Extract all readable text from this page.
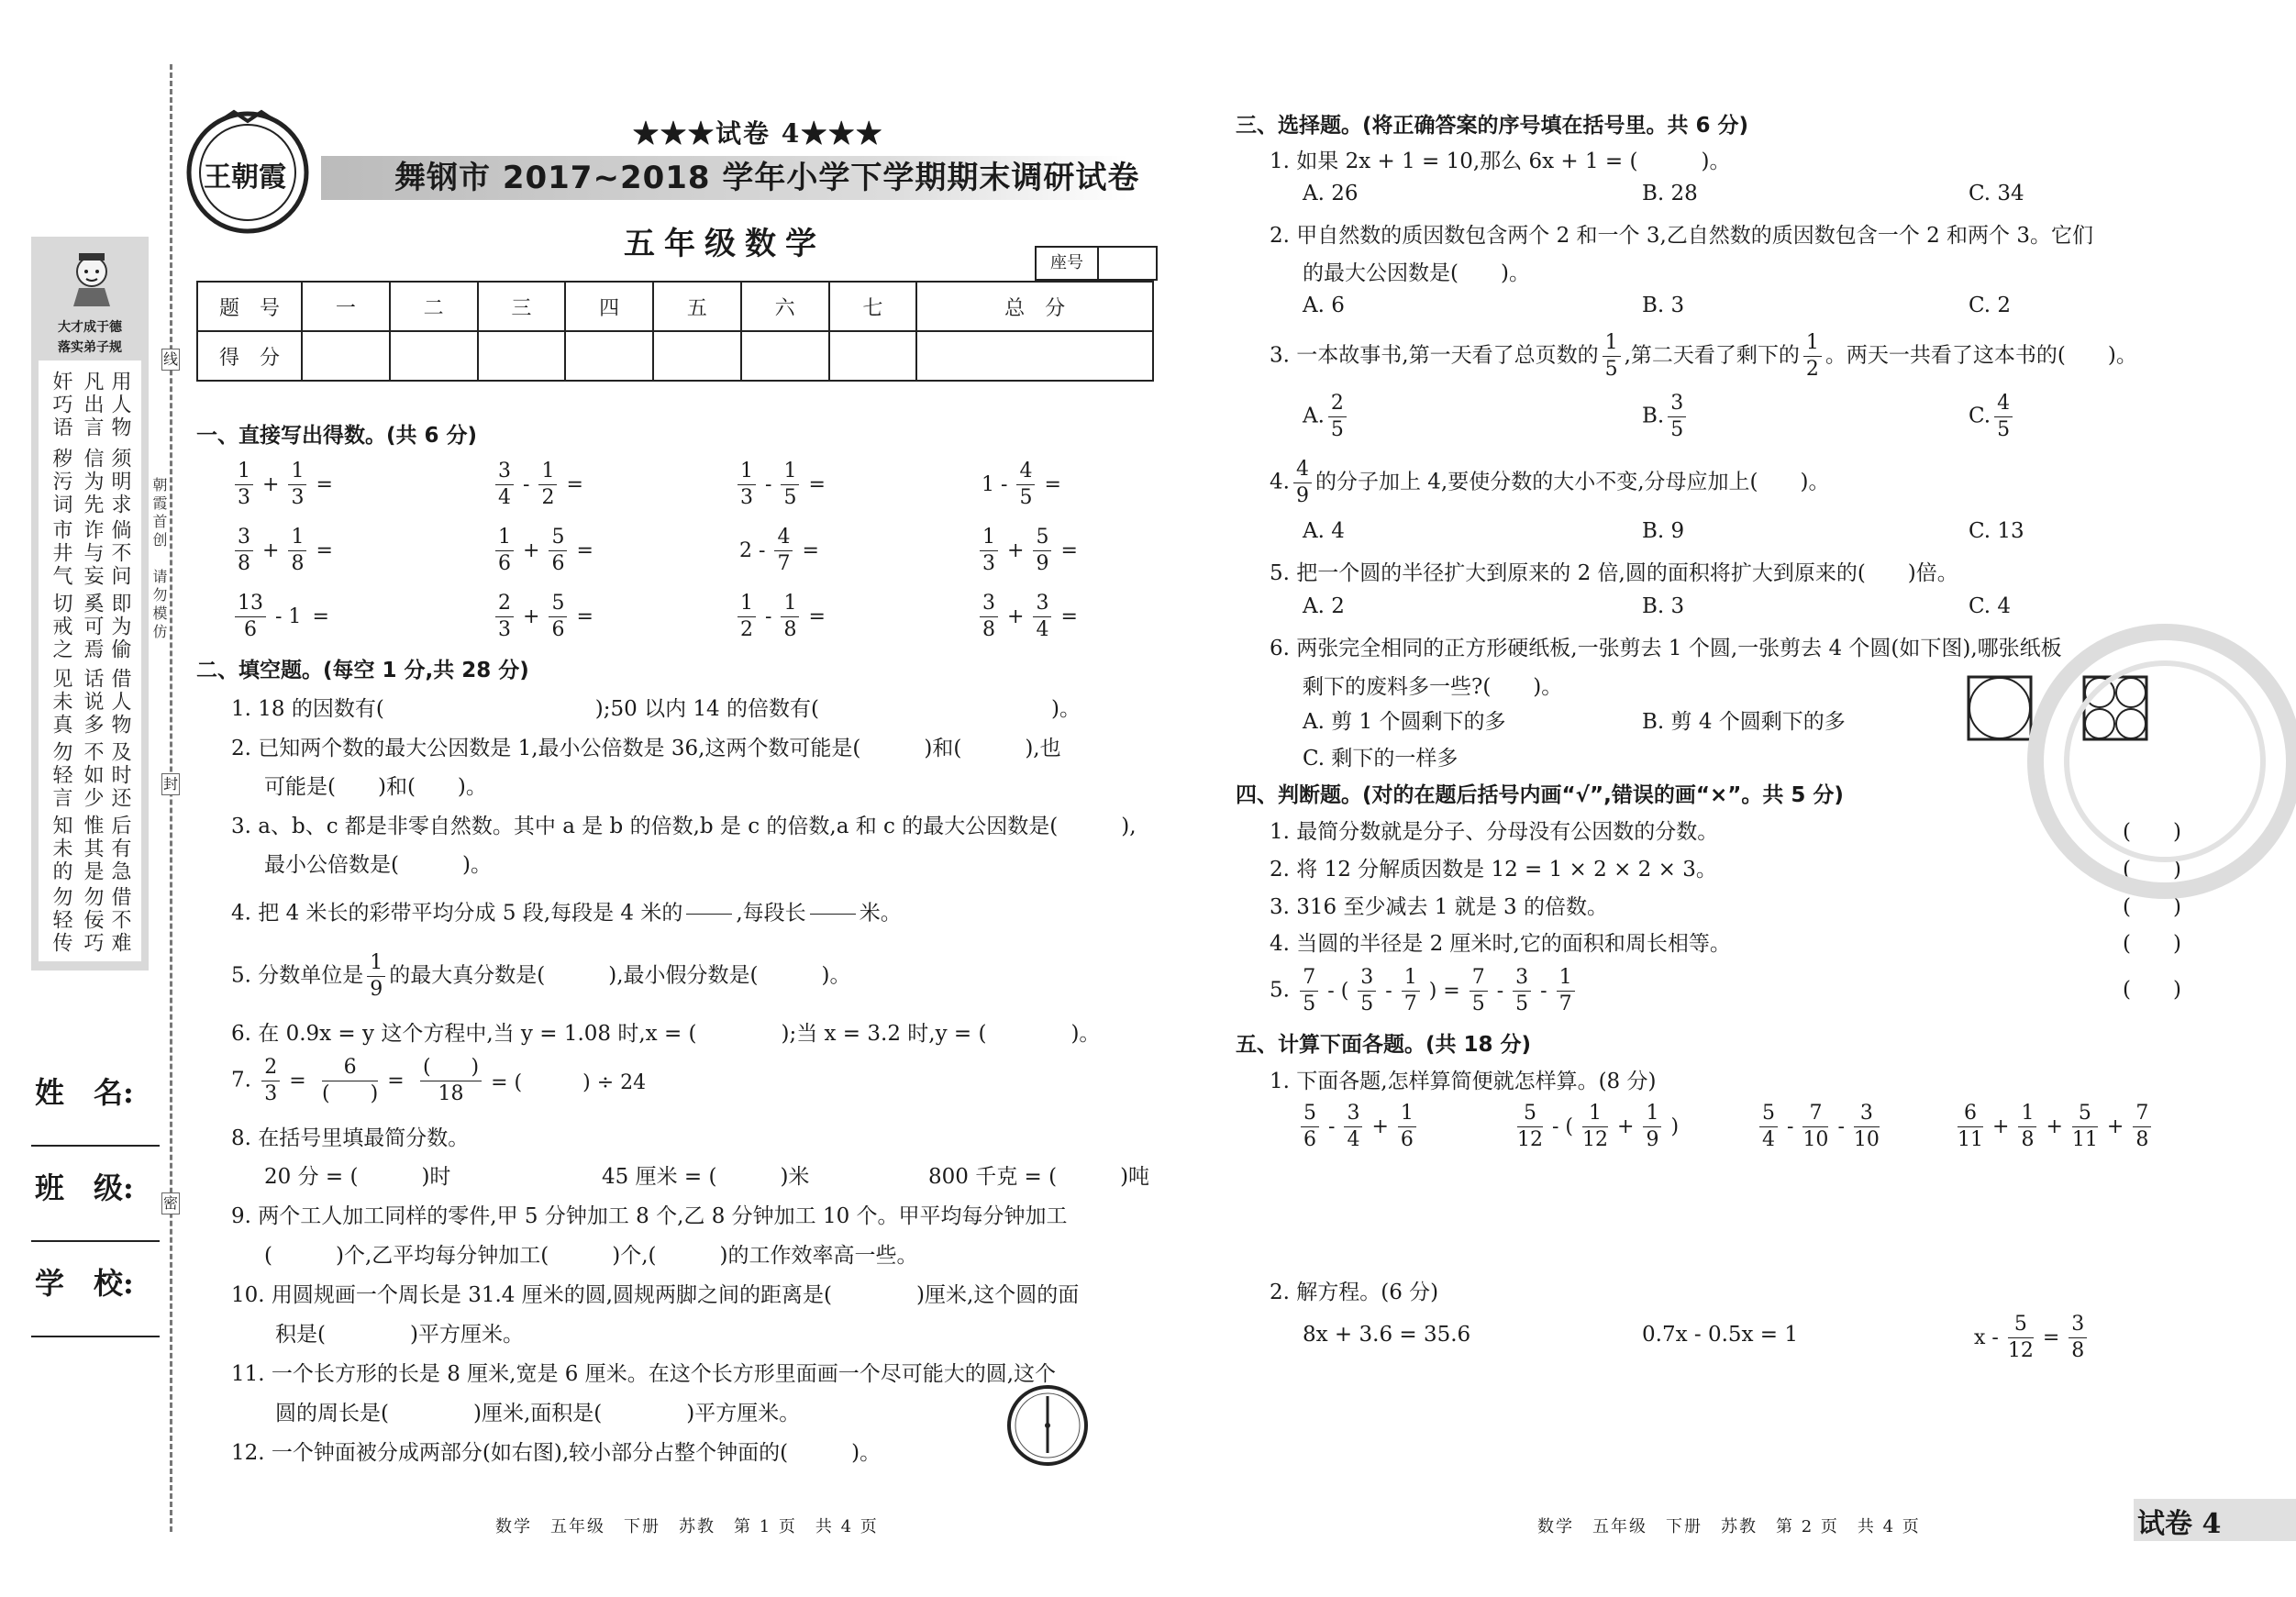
线
封
密
朝霞首创　请勿模仿
大才成于德
落实弟子规
奸巧语
秽污词
市井气
切戒之
见未真
勿轻言
知未的
勿轻传
凡出言
信为先
诈与妄
奚可焉
话说多
不如少
惟其是
勿佞巧
用人物
须明求
倘不问
即为偷
借人物
及时还
后有急
借不难
姓　名:
班　级:
学　校:
王朝霞
★★★试卷 4★★★
舞钢市 2017~2018 学年小学下学期期末调研试卷
五年级数学
座号
题　号	一	二	三	四	五	六	七	总　分
得　分								
一、直接写出得数。(共 6 分)
$\frac{1}{3} + \frac{1}{3}$ =	$\frac{3}{4} - \frac{1}{2}$ =	$\frac{1}{3} - \frac{1}{5}$ =	$1 - \frac{4}{5}$ =
$\frac{3}{8} + \frac{1}{8}$ =	$\frac{1}{6} + \frac{5}{6}$ =	$2 - \frac{4}{7}$ =	$\frac{1}{3} + \frac{5}{9}$ =
$\frac{13}{6} - 1$ =	$\frac{2}{3} + \frac{5}{6}$ =	$\frac{1}{2} - \frac{1}{8}$ =	$\frac{3}{8} + \frac{3}{4}$ =
二、填空题。(每空 1 分,共 28 分)
1. 18 的因数有(　　　　　　　　　　);50 以内 14 的倍数有(　　　　　　　　　　　)。
2. 已知两个数的最大公因数是 1,最小公倍数是 36,这两个数可能是(　　　)和(　　　),也
可能是(　　)和(　　)。
3. a、b、c 都是非零自然数。其中 a 是 b 的倍数,b 是 c 的倍数,a 和 c 的最大公因数是(　　　),
最小公倍数是(　　　)。
4. 把 4 米长的彩带平均分成 5 段,每段是 4 米的

　　	,每段长

　　	米。
5. 分数单位是 $\frac{1}{9}$ 的最大真分数是(　　　),最小假分数是(　　　)。
6. 在 0.9x = y 这个方程中,当 y = 1.08 时,x = (　　　　);当 x = 3.2 时,y = (　　　　)。
7. $\frac{2}{3}$ =
6
(　　)
=
(　　)
18	= (　　　) ÷ 24
8. 在括号里填最简分数。
20 分 = (　　　)时	45 厘米 = (　　　)米	800 千克 = (　　　)吨
9. 两个工人加工同样的零件,甲 5 分钟加工 8 个,乙 8 分钟加工 10 个。甲平均每分钟加工
(　　　)个,乙平均每分钟加工(　　　)个,(　　　)的工作效率高一些。
10. 用圆规画一个周长是 31.4 厘米的圆,圆规两脚之间的距离是(　　　　)厘米,这个圆的面
积是(　　　　)平方厘米。
11. 一个长方形的长是 8 厘米,宽是 6 厘米。在这个长方形里面画一个尽可能大的圆,这个
圆的周长是(　　　　)厘米,面积是(　　　　)平方厘米。
12. 一个钟面被分成两部分(如右图),较小部分占整个钟面的(　　　)。
数学　五年级　下册　苏教　第 1 页　共 4 页
三、选择题。(将正确答案的序号填在括号里。共 6 分)
1. 如果 2x + 1 = 10,那么 6x + 1 = (　　　)。
A. 26	B. 28	C. 34
2. 甲自然数的质因数包含两个 2 和一个 3,乙自然数的质因数包含一个 2 和两个 3。它们
的最大公因数是(　　)。
A. 6	B. 3	C. 2
3. 一本故事书,第一天看了总页数的 $\frac{1}{5}$ ,第二天看了剩下的 $\frac{1}{2}$ 。两天一共看了这本书的(　　)。
A. $\frac{2}{5}$	B. $\frac{3}{5}$	C. $\frac{4}{5}$
4. $\frac{4}{9}$ 的分子加上 4,要使分数的大小不变,分母应加上(　　)。
A. 4	B. 9	C. 13
5. 把一个圆的半径扩大到原来的 2 倍,圆的面积将扩大到原来的(　　)倍。
A. 2	B. 3	C. 4
6. 两张完全相同的正方形硬纸板,一张剪去 1 个圆,一张剪去 4 个圆(如下图),哪张纸板
剩下的废料多一些?(　　)。
A. 剪 1 个圆剩下的多	B. 剪 4 个圆剩下的多
C. 剩下的一样多
四、判断题。(对的在题后括号内画“√”,错误的画“×”。共 5 分)
1. 最简分数就是分子、分母没有公因数的分数。
2. 将 12 分解质因数是 12 = 1 × 2 × 2 × 3。
3. 316 至少减去 1 就是 3 的倍数。
4. 当圆的半径是 2 厘米时,它的面积和周长相等。
5. $\frac{7}{5}$ - ( $\frac{3}{5} - \frac{1}{7}$ ) = $\frac{7}{5} - \frac{3}{5} - \frac{1}{7}$
(　　)
(　　)
(　　)
(　　)
(　　)
五、计算下面各题。(共 18 分)
1. 下面各题,怎样算简便就怎样算。(8 分)
$\frac{5}{6} - \frac{3}{4} + \frac{1}{6}$	$\frac{5}{12}$ - ( $\frac{1}{12} + \frac{1}{9}$ )	$\frac{5}{4} - \frac{7}{10} - \frac{3}{10}$	$\frac{6}{11} + \frac{1}{8} + \frac{5}{11} + \frac{7}{8}$
2. 解方程。(6 分)
8x + 3.6 = 35.6	0.7x - 0.5x = 1	$x - \frac{5}{12} = \frac{3}{8}$
数学　五年级　下册　苏教　第 2 页　共 4 页	试卷 4
